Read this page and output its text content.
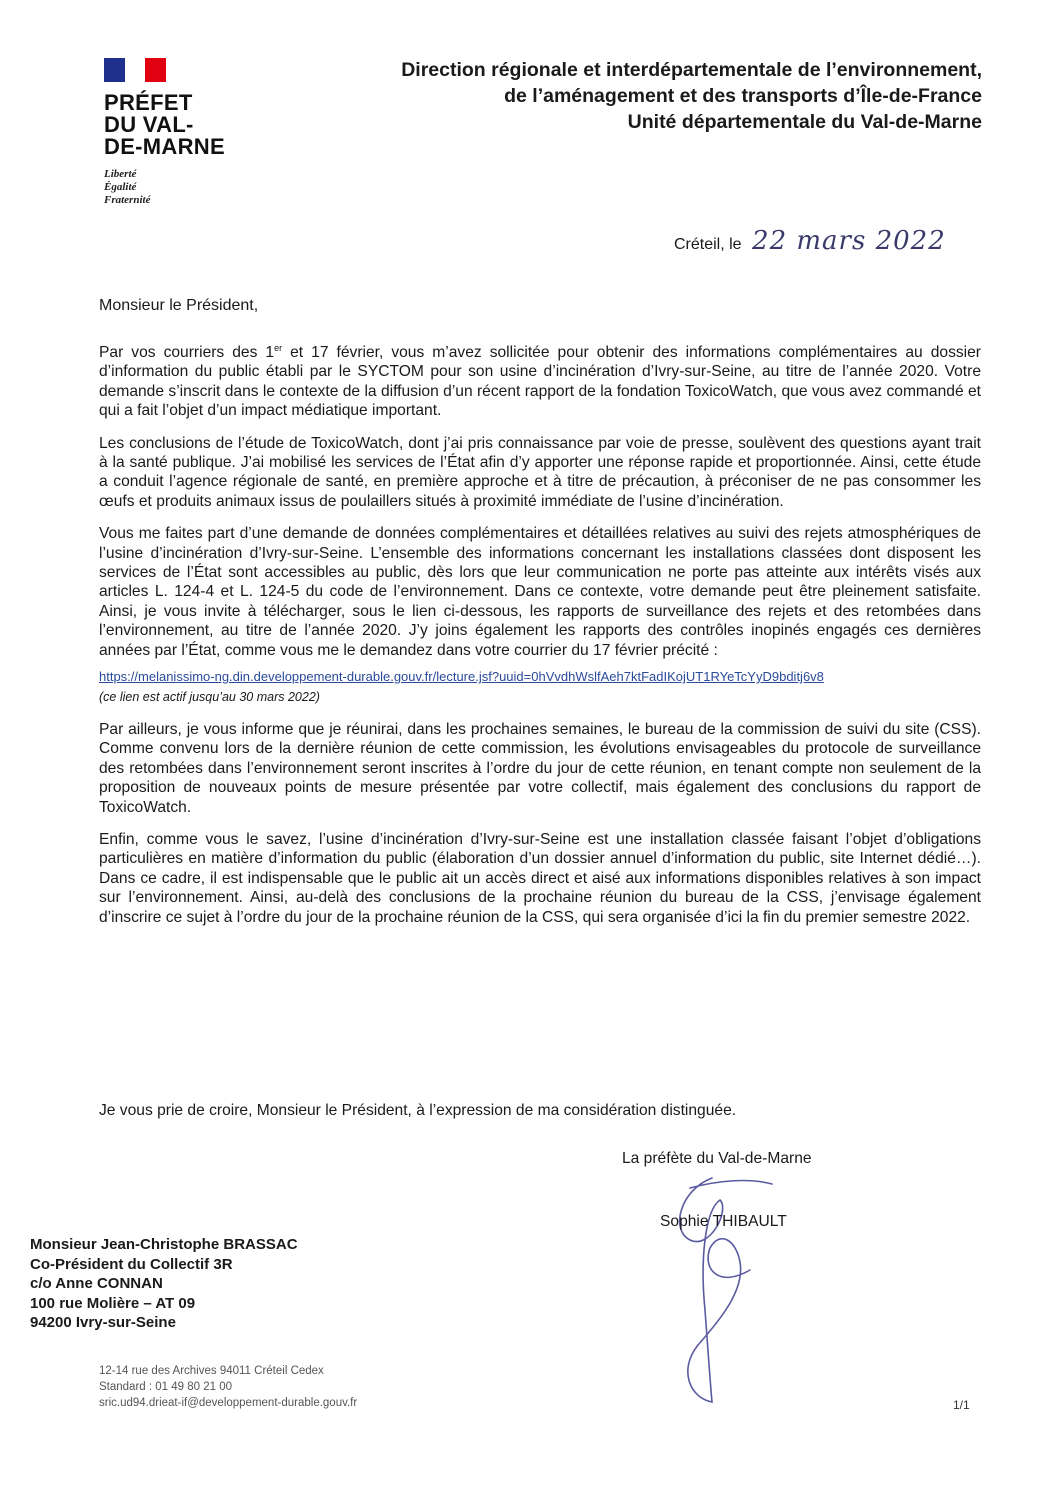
PRÉFET
DU VAL-
DE-MARNE
Liberté
Égalité
Fraternité
Direction régionale et interdépartementale de l’environnement,
de l’aménagement et des transports d’Île-de-France
Unité départementale du Val-de-Marne
Créteil, le 22 mars 2022
Monsieur le Président,

Par vos courriers des 1er et 17 février, vous m’avez sollicitée pour obtenir des informations complémentaires au dossier d’information du public établi par le SYCTOM pour son usine d’incinération d’Ivry-sur-Seine, au titre de l’année 2020. Votre demande s’inscrit dans le contexte de la diffusion d’un récent rapport de la fondation ToxicoWatch, que vous avez commandé et qui a fait l’objet d’un impact médiatique important.

Les conclusions de l’étude de ToxicoWatch, dont j’ai pris connaissance par voie de presse, soulèvent des questions ayant trait à la santé publique. J’ai mobilisé les services de l’État afin d’y apporter une réponse rapide et proportionnée. Ainsi, cette étude a conduit l’agence régionale de santé, en première approche et à titre de précaution, à préconiser de ne pas consommer les œufs et produits animaux issus de poulaillers situés à proximité immédiate de l’usine d’incinération.

Vous me faites part d’une demande de données complémentaires et détaillées relatives au suivi des rejets atmosphériques de l’usine d’incinération d’Ivry-sur-Seine. L’ensemble des informations concernant les installations classées dont disposent les services de l’État sont accessibles au public, dès lors que leur communication ne porte pas atteinte aux intérêts visés aux articles L. 124-4 et L. 124-5 du code de l’environnement. Dans ce contexte, votre demande peut être pleinement satisfaite. Ainsi, je vous invite à télécharger, sous le lien ci-dessous, les rapports de surveillance des rejets et des retombées dans l’environnement, au titre de l’année 2020. J’y joins également les rapports des contrôles inopinés engagés ces dernières années par l’État, comme vous me le demandez dans votre courrier du 17 février précité :

https://melanissimo-ng.din.developpement-durable.gouv.fr/lecture.jsf?uuid=0hVvdhWslfAeh7ktFadIKojUT1RYeTcYyD9bditj6v8
(ce lien est actif jusqu’au 30 mars 2022)

Par ailleurs, je vous informe que je réunirai, dans les prochaines semaines, le bureau de la commission de suivi du site (CSS). Comme convenu lors de la dernière réunion de cette commission, les évolutions envisageables du protocole de surveillance des retombées dans l’environnement seront inscrites à l’ordre du jour de cette réunion, en tenant compte non seulement de la proposition de nouveaux points de mesure présentée par votre collectif, mais également des conclusions du rapport de ToxicoWatch.

Enfin, comme vous le savez, l’usine d’incinération d’Ivry-sur-Seine est une installation classée faisant l’objet d’obligations particulières en matière d’information du public (élaboration d’un dossier annuel d’information du public, site Internet dédié…). Dans ce cadre, il est indispensable que le public ait un accès direct et aisé aux informations disponibles relatives à son impact sur l’environnement. Ainsi, au-delà des conclusions de la prochaine réunion du bureau de la CSS, j’envisage également d’inscrire ce sujet à l’ordre du jour de la prochaine réunion de la CSS, qui sera organisée d’ici la fin du premier semestre 2022.

Je vous prie de croire, Monsieur le Président, à l’expression de ma considération distinguée.
La préfète du Val-de-Marne
Sophie THIBAULT
Monsieur Jean-Christophe BRASSAC
Co-Président du Collectif 3R
c/o Anne CONNAN
100 rue Molière – AT 09
94200 Ivry-sur-Seine
12-14 rue des Archives 94011 Créteil Cedex
Standard : 01 49 80 21 00
sric.ud94.drieat-if@developpement-durable.gouv.fr	1/1
